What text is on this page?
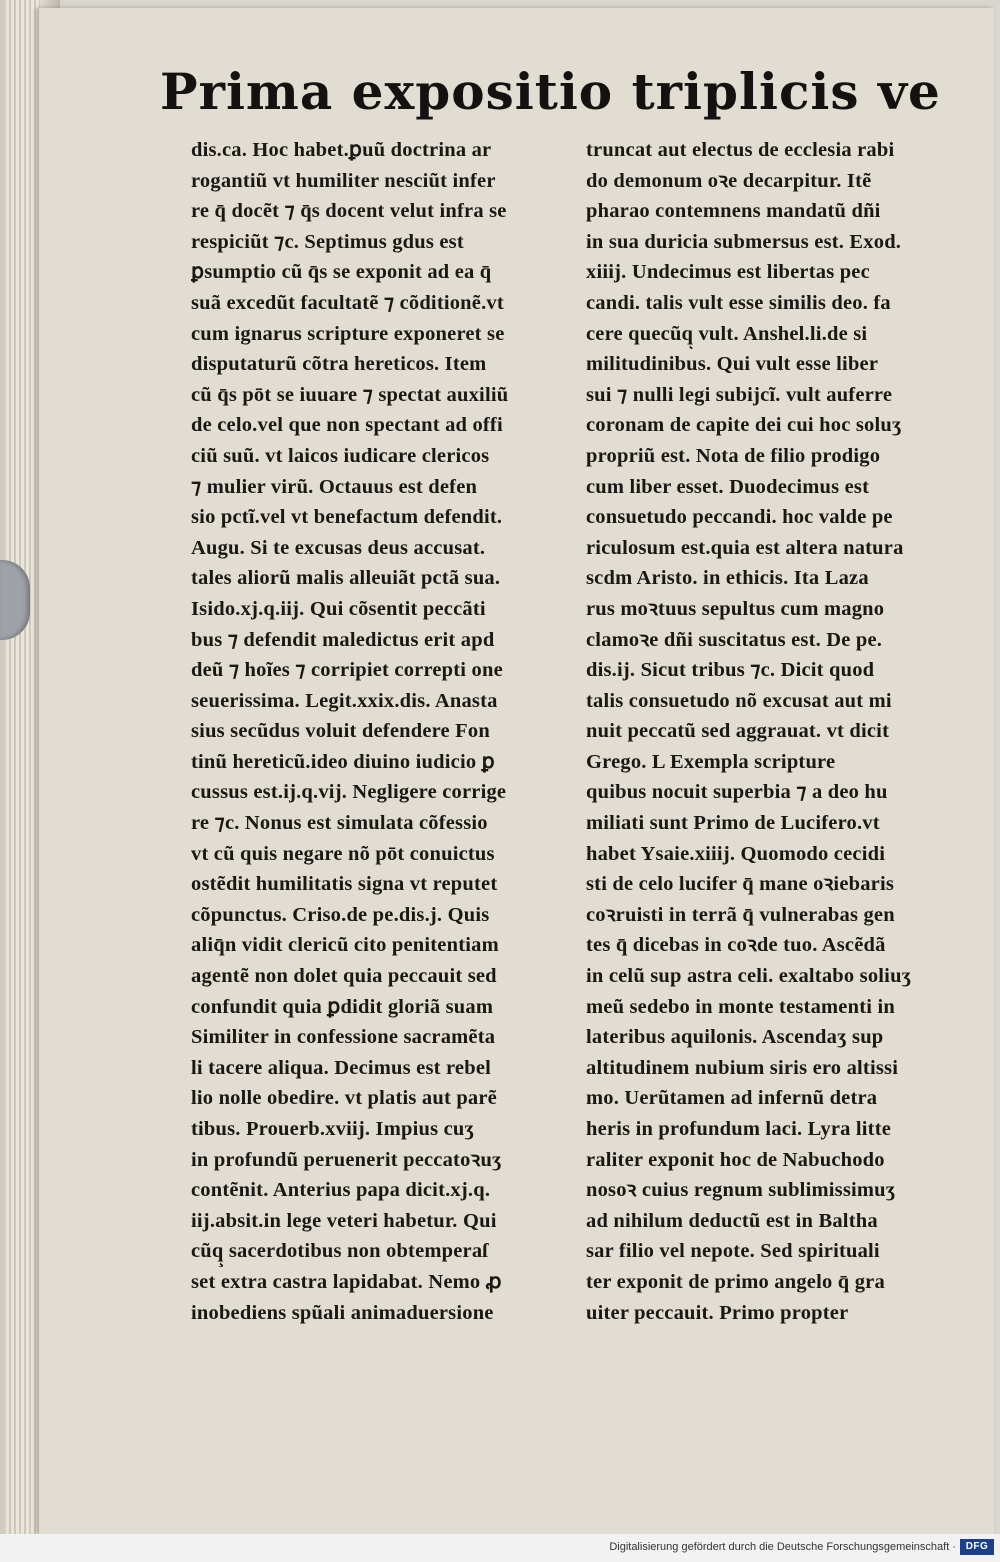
Prima expositio triplicis ve
dis.ca. Hoc habet.ꝑuũ doctrina ar
rogantiũ vt humiliter nesciũt infer
re q̄ docẽt ⁊ q̄s docent velut infra se
respiciũt ⁊c. Septimus gdus est
ꝑsumptio cũ q̄s se exponit ad ea q̄
suã excedũt facultatẽ ⁊ cõditionẽ.vt
cum ignarus scripture exponeret se
disputaturũ cõtra hereticos. Item
cũ q̄s pōt se iuuare ⁊ spectat auxiliũ
de celo.vel que non spectant ad offi
ciũ suũ. vt laicos iudicare clericos
⁊ mulier virũ. Octauus est defen
sio pctĩ.vel vt benefactum defendit.
Augu. Si te excusas deus accusat.
tales aliorũ malis alleuiãt pctã sua.
Isido.xj.q.iij. Qui cõsentit peccãti
bus ⁊ defendit maledictus erit apd
deũ ⁊ hoĩes ⁊ corripiet correpti one
seuerissima. Legit.xxix.dis. Anasta
sius secũdus voluit defendere Fon
tinũ hereticũ.ideo diuino iudicio ꝑ
cussus est.ij.q.vij. Negligere corrige
re ⁊c. Nonus est simulata cõfessio
vt cũ quis negare nõ pōt conuictus
ostẽdit humilitatis signa vt reputet
cõpunctus. Criso.de pe.dis.j. Quis
aliq̄n vidit clericũ cito penitentiam
agentẽ non dolet quia peccauit sed
confundit quia ꝑdidit gloriã suam
Similiter in confessione sacramẽta
li tacere aliqua. Decimus est rebel
lio nolle obedire. vt platis aut parẽ
tibus. Prouerb.xviij. Impius cuʒ
in profundũ peruenerit peccatoꝛuʒ
contẽnit. Anterius papa dicit.xj.q.
iij.absit.in lege veteri habetur. Qui
cũq̧ sacerdotibus non obtemperaſ
set extra castra lapidabat. Nemo ꝓ
inobediens spũali animaduersione
truncat aut electus de ecclesia rabi
do demonum oꝛe decarpitur. Itẽ
pharao contemnens mandatũ dñi
in sua duricia submersus est. Exod.
xiiij. Undecimus est libertas pec
candi. talis vult esse similis deo. fa
cere quecũq̧ vult. Anshel.li.de si
militudinibus. Qui vult esse liber
sui ⁊ nulli legi subijcĩ. vult auferre
coronam de capite dei cui hoc soluʒ
propriũ est. Nota de filio prodigo
cum liber esset. Duodecimus est
consuetudo peccandi. hoc valde pe
riculosum est.quia est altera natura
scdm Aristo. in ethicis. Ita Laza
rus moꝛtuus sepultus cum magno
clamoꝛe dñi suscitatus est. De pe.
dis.ij. Sicut tribus ⁊c. Dicit quod
talis consuetudo nõ excusat aut mi
nuit peccatũ sed aggrauat. vt dicit
Grego. L Exempla scripture
quibus nocuit superbia ⁊ a deo hu
miliati sunt Primo de Lucifero.vt
habet Ysaie.xiiij. Quomodo cecidi
sti de celo lucifer q̄ mane oꝛiebaris
coꝛruisti in terrã q̄ vulnerabas gen
tes q̄ dicebas in coꝛde tuo. Ascẽdã
in celũ sup astra celi. exaltabo soliuʒ
meũ sedebo in monte testamenti in
lateribus aquilonis. Ascendaʒ sup
altitudinem nubium siris ero altissi
mo. Uerũtamen ad infernũ detra
heris in profundum laci. Lyra litte
raliter exponit hoc de Nabuchodo
nosoꝛ cuius regnum sublimissimuʒ
ad nihilum deductũ est in Baltha
sar filio vel nepote. Sed spirituali
ter exponit de primo angelo q̄ gra
uiter peccauit. Primo propter
Digitalisierung gefördert durch die Deutsche Forschungsgemeinschaft · DFG
